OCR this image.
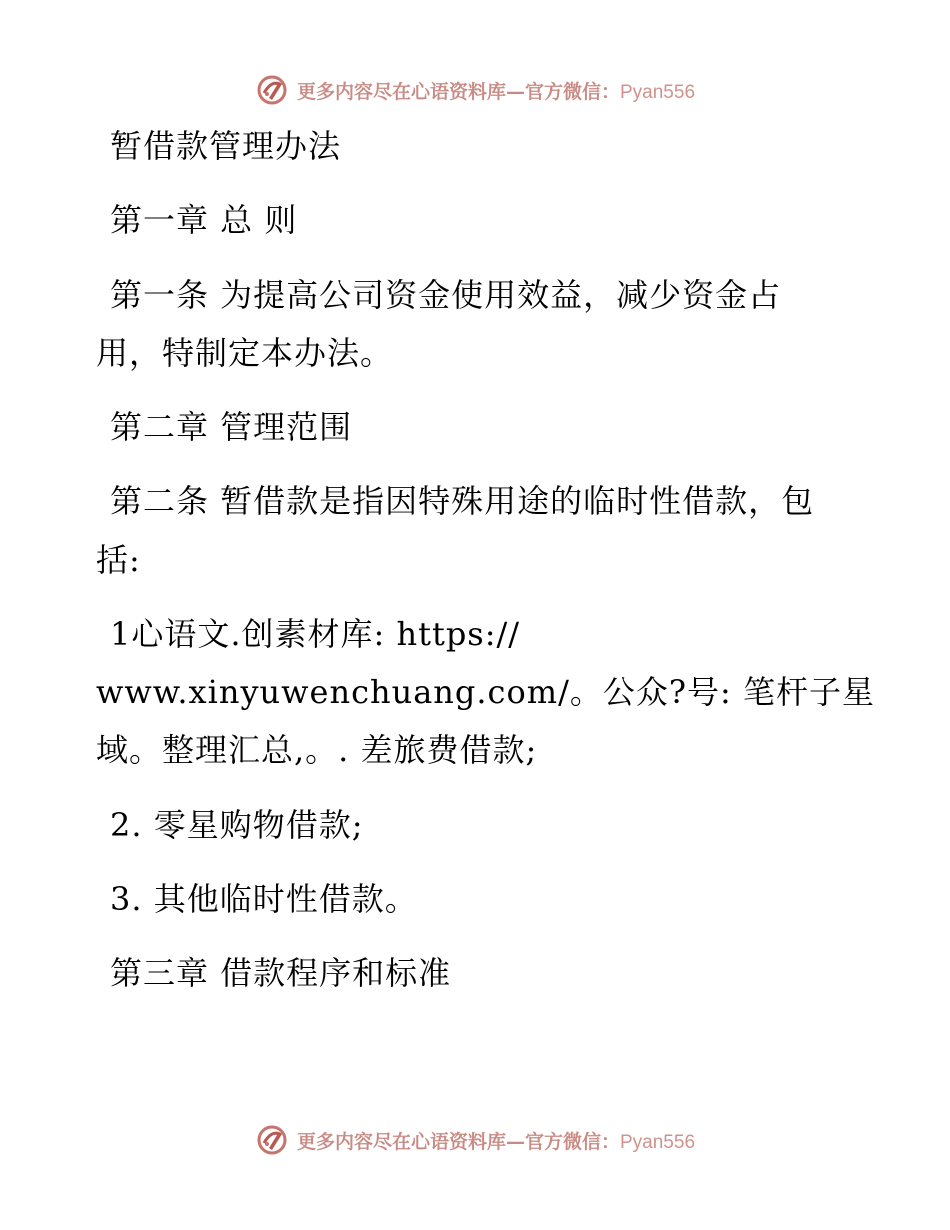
更多内容尽在心语资料库—官方微信：Pyan556
暂借款管理办法
第一章 总 则
第一条 为提高公司资金使用效益，减少资金占
用，特制定本办法。
第二章 管理范围
第二条 暂借款是指因特殊用途的临时性借款，包
括:
1心语文.创素材库: https://
www.xinyuwenchuang.com/。公众?号: 笔杆子星
域。整理汇总,。. 差旅费借款;
2. 零星购物借款;
3. 其他临时性借款。
第三章 借款程序和标准
更多内容尽在心语资料库—官方微信：Pyan556
